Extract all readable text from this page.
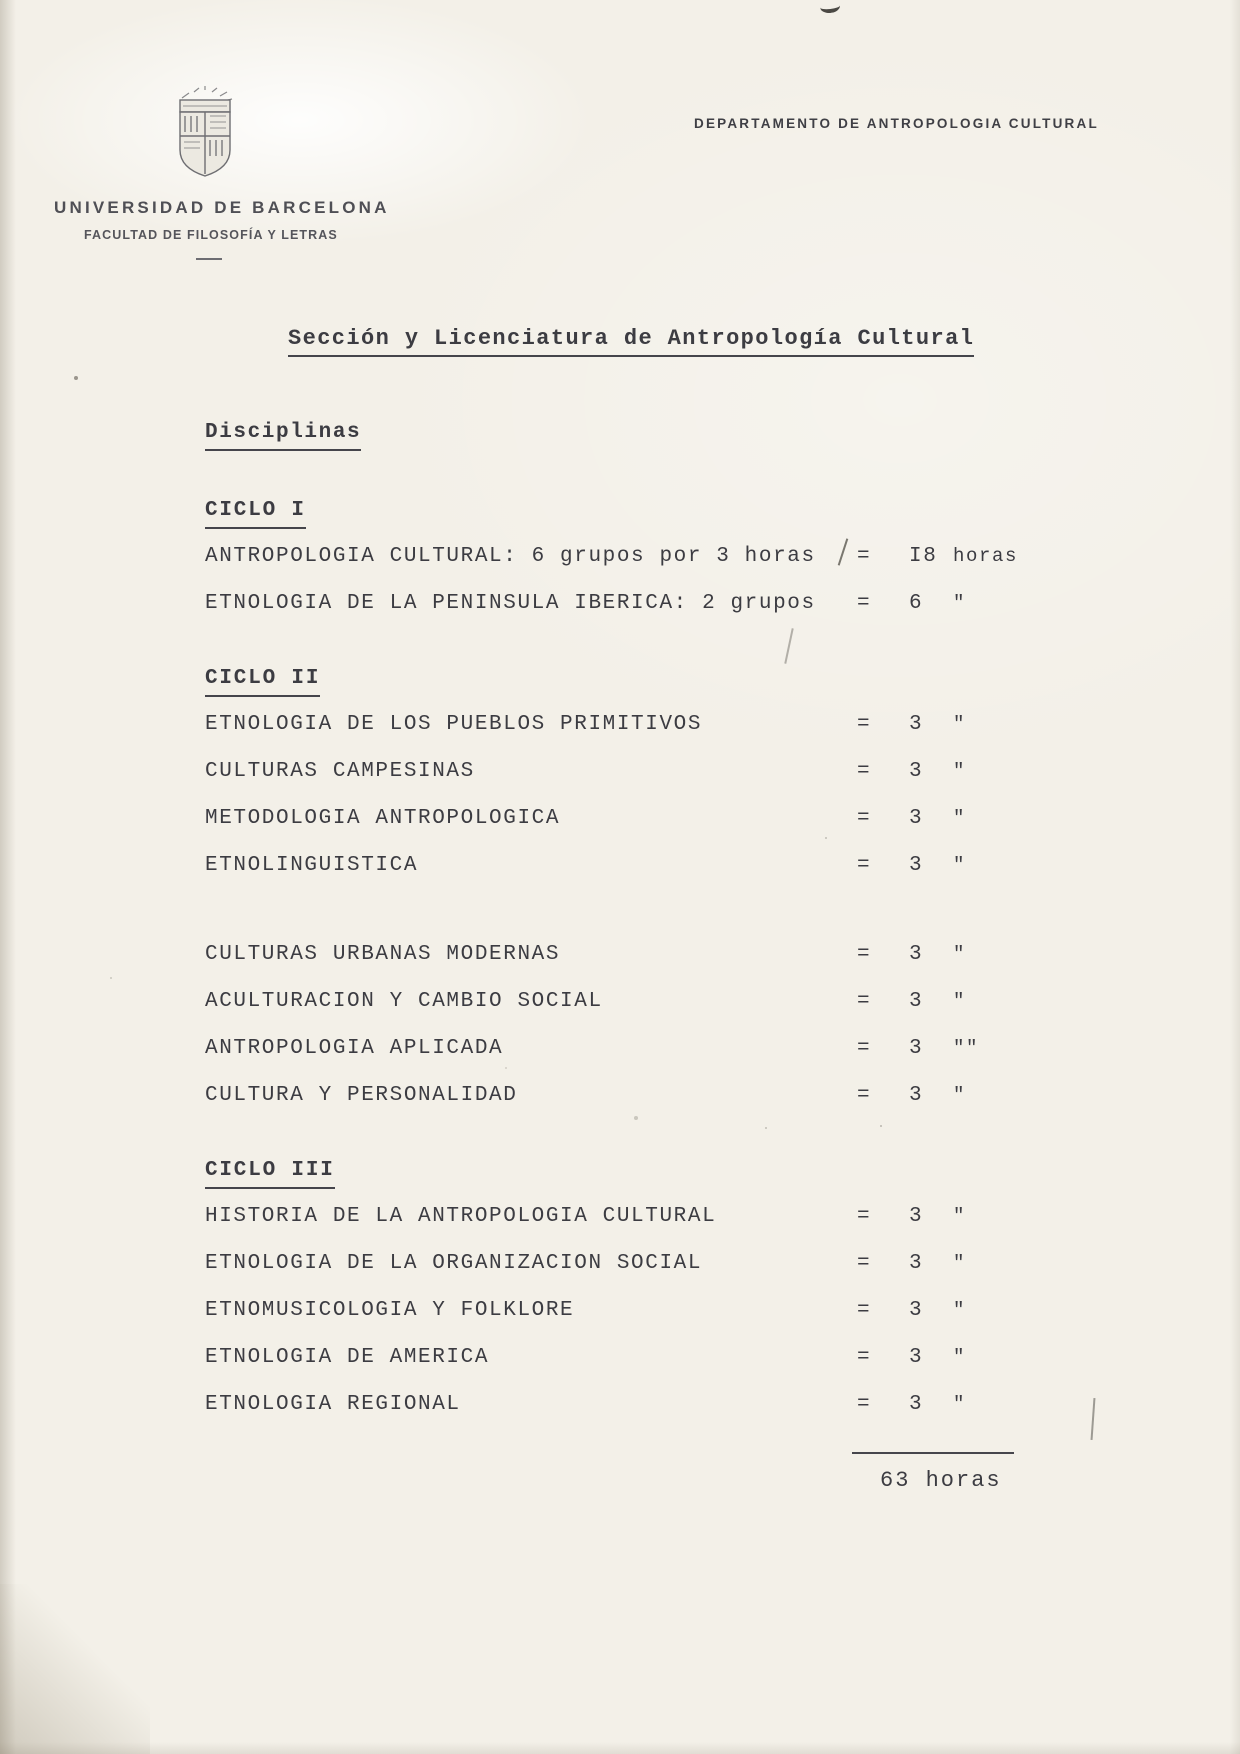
DEPARTAMENTO DE ANTROPOLOGIA CULTURAL
UNIVERSIDAD DE BARCELONA
FACULTAD DE FILOSOFÍA Y LETRAS
Sección y Licenciatura de Antropología Cultural
Disciplinas
CICLO I
ANTROPOLOGIA CULTURAL: 6 grupos por 3 horas = I8 horas
ETNOLOGIA DE LA PENINSULA IBERICA: 2 grupos = 6 "
CICLO II
ETNOLOGIA DE LOS PUEBLOS PRIMITIVOS	= 3 "
CULTURAS CAMPESINAS	= 3 "
METODOLOGIA ANTROPOLOGICA	= 3 "
ETNOLINGUISTICA	= 3 "
CULTURAS URBANAS MODERNAS	= 3 "
ACULTURACION Y CAMBIO SOCIAL	= 3 "
ANTROPOLOGIA APLICADA	= 3 ""
CULTURA Y PERSONALIDAD	= 3 "
CICLO III
HISTORIA DE LA ANTROPOLOGIA CULTURAL	= 3 "
ETNOLOGIA DE LA ORGANIZACION SOCIAL	= 3 "
ETNOMUSICOLOGIA Y FOLKLORE	= 3 "
ETNOLOGIA DE AMERICA	= 3 "
ETNOLOGIA REGIONAL	= 3 "
63 horas
